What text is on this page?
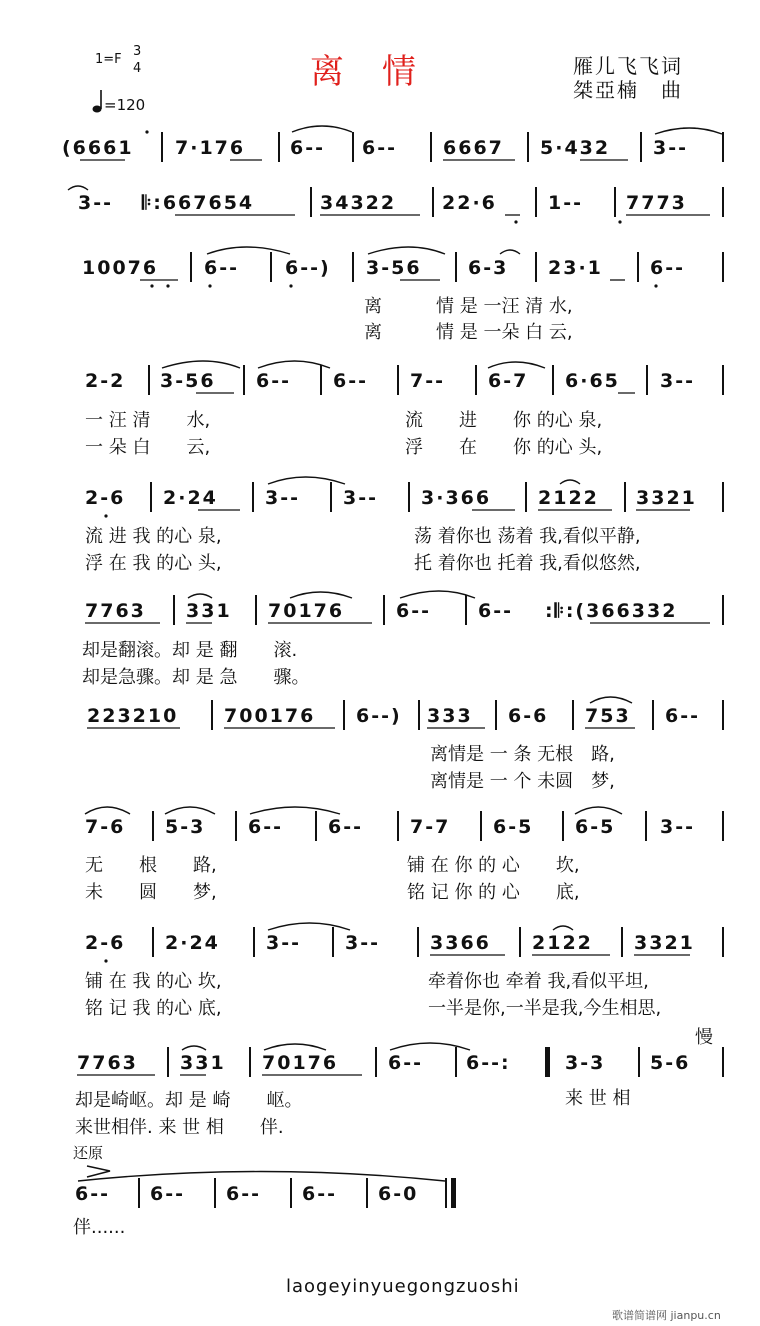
1=F
3
4
=120
离　情	雁儿飞飞词
桀亞楠　曲
(6661 7·176 6-- 6-- 6667 5·432 3--
3-- 𝄆:667654	34322 22·6	1-- 7773
10076 6-- 6--) 3-56 6-3 23·1 6--
离　　　情 是 一汪 清 水,
离　　　情 是 一朵 白 云,
2-2 3-56 6-- 6-- 7-- 6-7 6·65 3--
一 汪 清　　水,	流　　进　　你 的心 泉,
一 朵 白　　云,	浮　　在　　你 的心 头,
2-6 2·24 3-- 3-- 3·366 2122 3321
流 进 我 的心 泉,	荡 着你也 荡着 我,看似平静,
浮 在 我 的心 头,	托 着你也 托着 我,看似悠然,
7763 331 70176	6-- 6-- :𝄆:(366332
却是翻滚。却 是 翻　　滚.
却是急骤。却 是 急　　骤。
223210 700176 6--) 333 6-6 753 6--
离情是 一 条 无根　路,
离情是 一 个 未圆　梦,
7-6 5-3 6-- 6-- 7-7 6-5 6-5 3--
无　　根　　路,	铺 在 你 的 心　　坎,
未　　圆　　梦,	铭 记 你 的 心　　底,
2-6 2·24 3-- 3--	3366 2122 3321
铺 在 我 的心 坎,	牵着你也 牵着 我,看似平坦,
铭 记 我 的心 底,	一半是你,一半是我,今生相思,
慢
7763 331 70176	6-- 6--:	3-3 5-6
却是崎岖。却 是 崎　　岖。	来 世 相
来世相伴. 来 世 相　　伴.
还原
6-- 6-- 6-- 6-- 6-0
伴......
laogeyinyuegongzuoshi
歌谱简谱网 jianpu.cn
